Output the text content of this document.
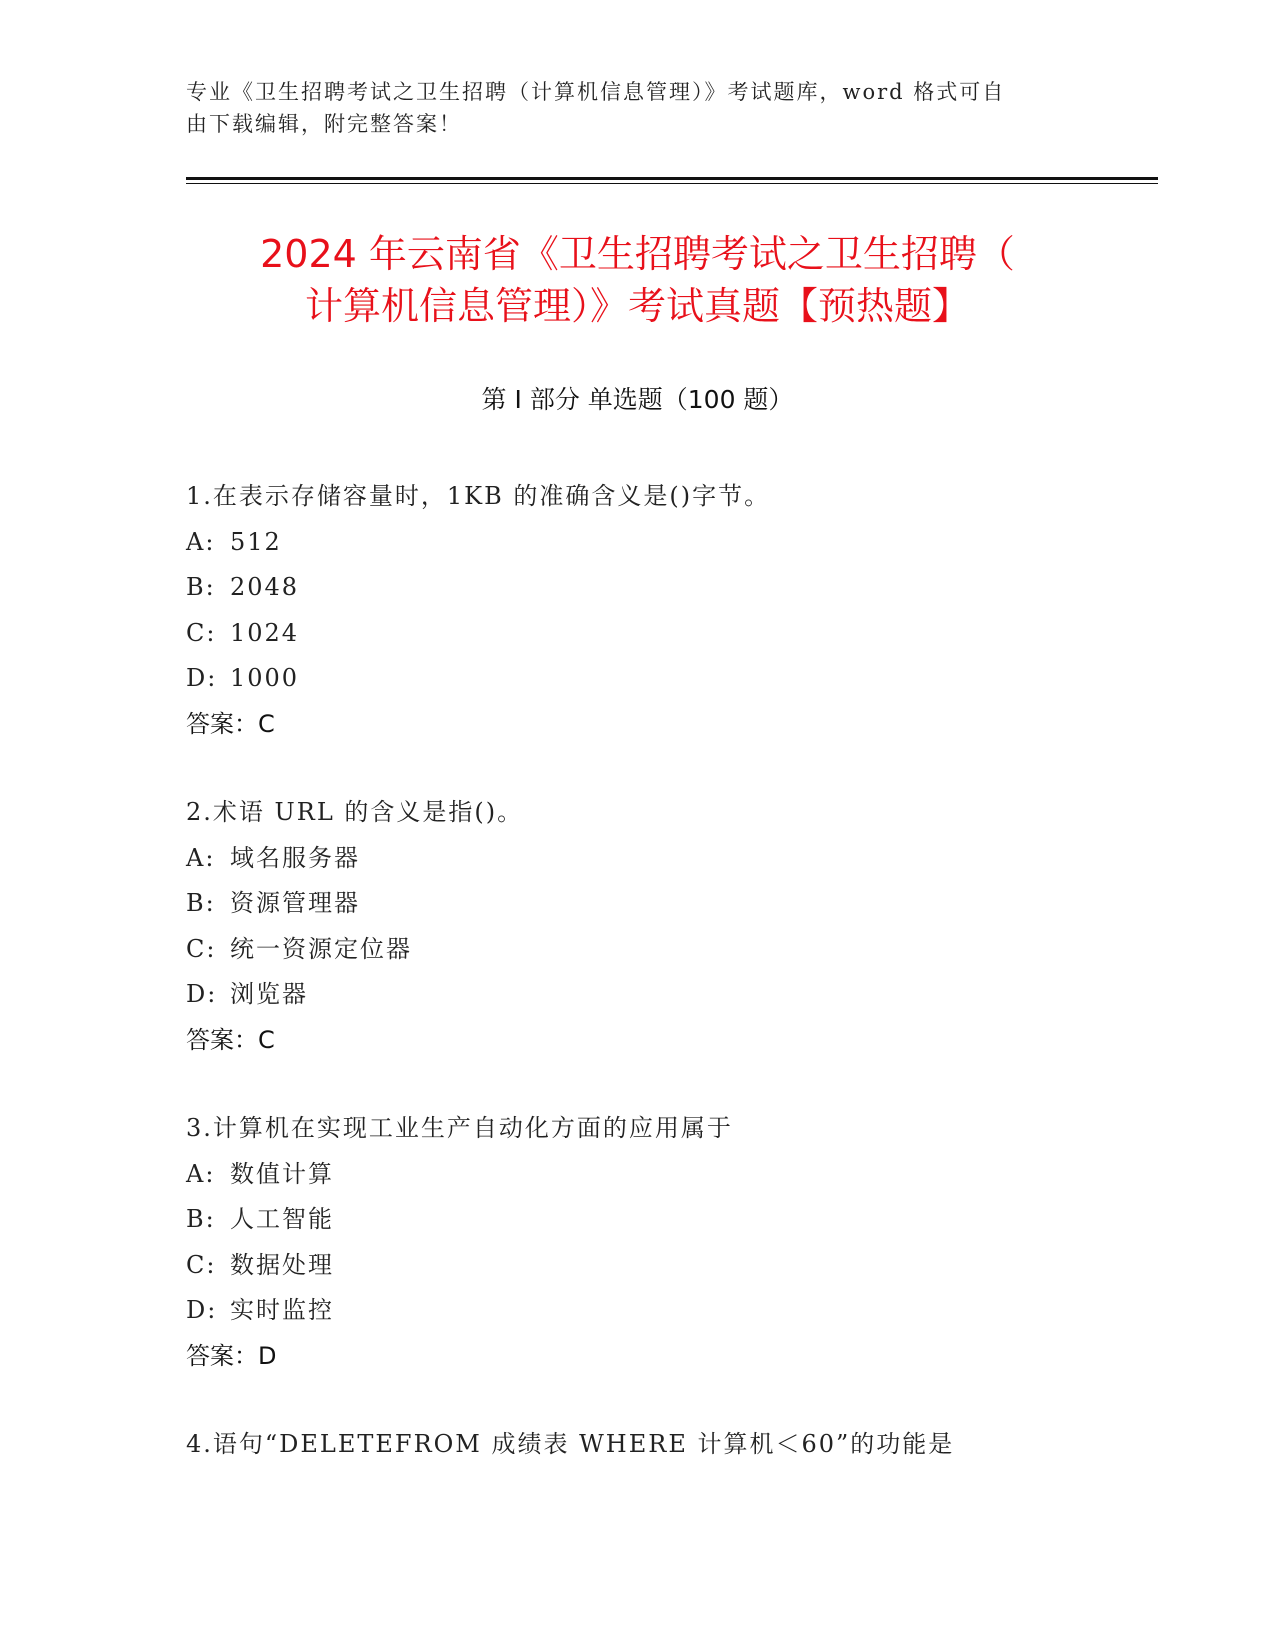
专业《卫生招聘考试之卫生招聘（计算机信息管理）》考试题库，word 格式可自
由下载编辑，附完整答案！
2024 年云南省《卫生招聘考试之卫生招聘（
计算机信息管理）》考试真题【预热题】
第 I 部分 单选题（100 题）
1.在表示存储容量时，1KB 的准确含义是()字节。
A: 512
B: 2048
C: 1024
D: 1000
答案：C
2.术语 URL 的含义是指()。
A: 域名服务器
B: 资源管理器
C: 统一资源定位器
D: 浏览器
答案：C
3.计算机在实现工业生产自动化方面的应用属于
A: 数值计算
B: 人工智能
C: 数据处理
D: 实时监控
答案：D
4.语句“DELETEFROM 成绩表 WHERE 计算机＜60”的功能是
